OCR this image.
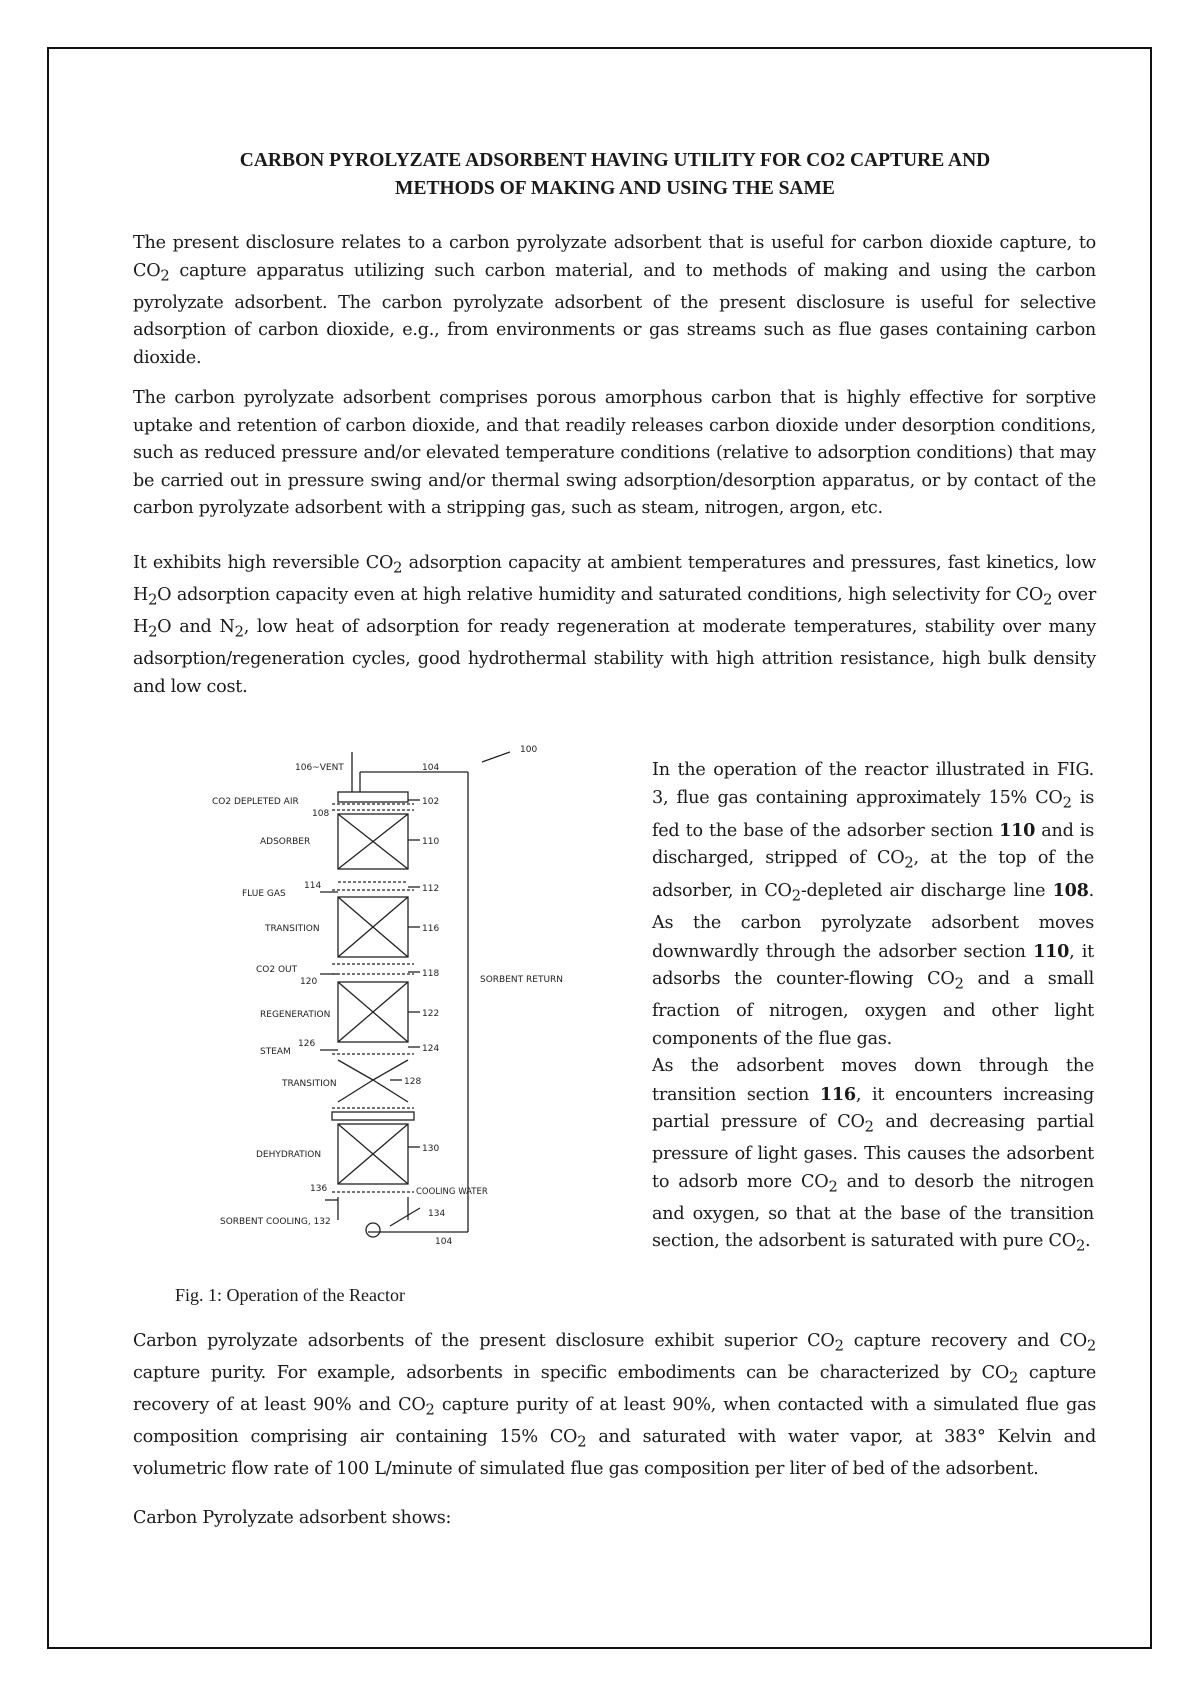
CARBON PYROLYZATE ADSORBENT HAVING UTILITY FOR CO2 CAPTURE AND
METHODS OF MAKING AND USING THE SAME

The present disclosure relates to a carbon pyrolyzate adsorbent that is useful for carbon dioxide capture, to $CO_2$ capture apparatus utilizing such carbon material, and to methods of making and using the carbon pyrolyzate adsorbent. The carbon pyrolyzate adsorbent of the present disclosure is useful for selective adsorption of carbon dioxide, e.g., from environments or gas streams such as flue gases containing carbon dioxide.

The carbon pyrolyzate adsorbent comprises porous amorphous carbon that is highly effective for sorptive uptake and retention of carbon dioxide, and that readily releases carbon dioxide under desorption conditions, such as reduced pressure and/or elevated temperature conditions (relative to adsorption conditions) that may be carried out in pressure swing and/or thermal swing adsorption/desorption apparatus, or by contact of the carbon pyrolyzate adsorbent with a stripping gas, such as steam, nitrogen, argon, etc.

It exhibits high reversible $CO_2$ adsorption capacity at ambient temperatures and pressures, fast kinetics, low $H_2O$ adsorption capacity even at high relative humidity and saturated conditions, high selectivity for $CO_2$ over $H_2O$ and $N_2$, low heat of adsorption for ready regeneration at moderate temperatures, stability over many adsorption/regeneration cycles, good hydrothermal stability with high attrition resistance, high bulk density and low cost.

100
106~VENT	104
CO2 DEPLETED AIR
108
102
ADSORBER	110
FLUE GAS
114	112
TRANSITION	116
CO2 OUT
120
118
SORBENT RETURN
REGENERATION	122
STEAM
126	124
TRANSITION	128
DEHYDRATION
130
136	COOLING WATER
134
SORBENT COOLING, 132
104
Fig. 1: Operation of the Reactor

In the operation of the reactor illustrated in FIG. 3, flue gas containing approximately 15% $CO_2$ is fed to the base of the adsorber section 110 and is discharged, stripped of $CO_2$, at the top of the adsorber, in $CO_2$-depleted air discharge line 108. As the carbon pyrolyzate adsorbent moves downwardly through the adsorber section 110, it adsorbs the counter-flowing $CO_2$ and a small fraction of nitrogen, oxygen and other light components of the flue gas.

As the adsorbent moves down through the transition section 116, it encounters increasing partial pressure of $CO_2$ and decreasing partial pressure of light gases. This causes the adsorbent to adsorb more $CO_2$ and to desorb the nitrogen and oxygen, so that at the base of the transition section, the adsorbent is saturated with pure $CO_2$.

Carbon pyrolyzate adsorbents of the present disclosure exhibit superior $CO_2$ capture recovery and $CO_2$ capture purity. For example, adsorbents in specific embodiments can be characterized by $CO_2$ capture recovery of at least 90% and $CO_2$ capture purity of at least 90%, when contacted with a simulated flue gas composition comprising air containing 15% $CO_2$ and saturated with water vapor, at 383° Kelvin and volumetric flow rate of 100 L/minute of simulated flue gas composition per liter of bed of the adsorbent.

Carbon Pyrolyzate adsorbent shows:
